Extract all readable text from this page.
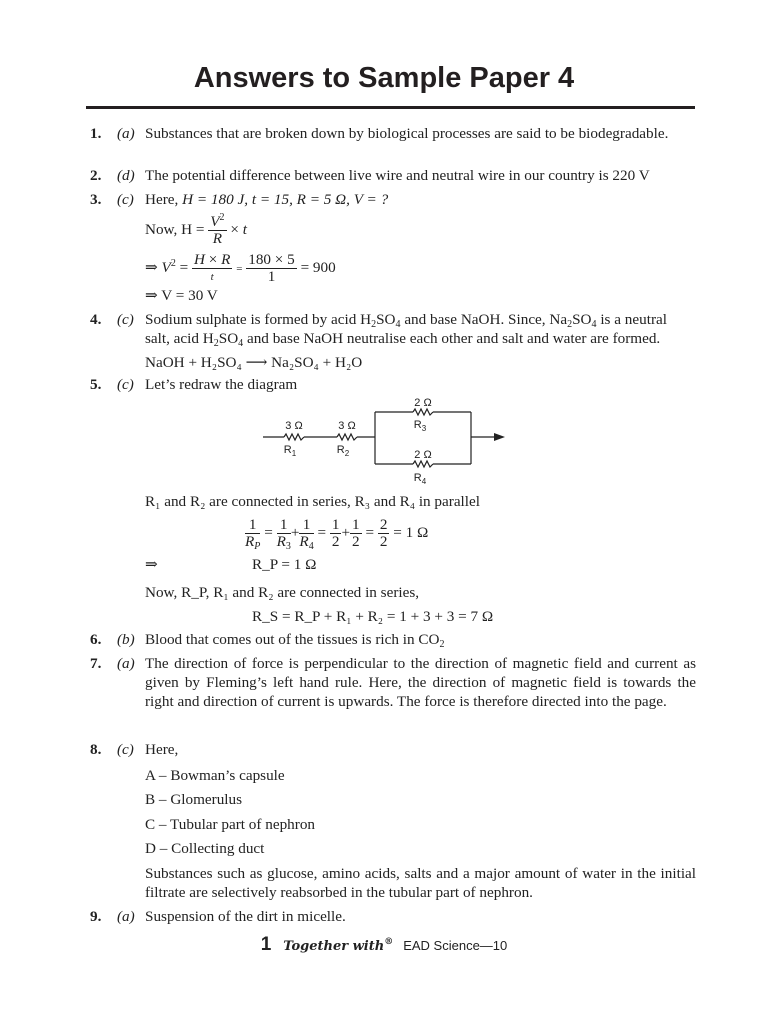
Answers to Sample Paper 4
1. (a) Substances that are broken down by biological processes are said to be biodegradable.
2. (d) The potential difference between live wire and neutral wire in our country is 220 V
3. (c) Here, H = 180 J, t = 15, R = 5 Ω, V = ?
Now, $H = \frac{V^2}{R} \times t$
⇒ $V^2 = \frac{H \times R}{t} = \frac{180 \times 5}{1} = 900$
⇒ V = 30 V
4. (c) Sodium sulphate is formed by acid $H_2SO_4$ and base NaOH. Since, $Na_2SO_4$ is a neutral
salt, acid $H_2SO_4$ and base NaOH neutralise each other and salt and water are formed.
NaOH + H₂SO₄ ⟶ Na₂SO₄ + H₂O
5. (c) Let’s redraw the diagram
3 Ω
$R_1$
3 Ω
$R_2$
2 Ω
$R_3$
2 Ω
$R_4$
R₁ and R₂ are connected in series, R₃ and R₄ in parallel
$\frac{1}{R_P} = \frac{1}{R_3} + \frac{1}{R_4} = \frac{1}{2} + \frac{1}{2} = \frac{2}{2} = 1$ Ω
⇒	R_P = 1 Ω
Now, R_P, R₁ and R₂ are connected in series,
R_S = R_P + R₁ + R₂ = 1 + 3 + 3 = 7 Ω
6. (b) Blood that comes out of the tissues is rich in $CO_2$
7. (a) The direction of force is perpendicular to the direction of magnetic field and current as given by Fleming’s left hand rule. Here, the direction of magnetic field is towards the right and direction of current is upwards. The force is therefore directed into the page.
8. (c) Here,
A – Bowman’s capsule
B – Glomerulus
C – Tubular part of nephron
D – Collecting duct
Substances such as glucose, amino acids, salts and a major amount of water in the initial filtrate are selectively reabsorbed in the tubular part of nephron.
9. (a) Suspension of the dirt in micelle.
1 Together with® EAD Science—10
